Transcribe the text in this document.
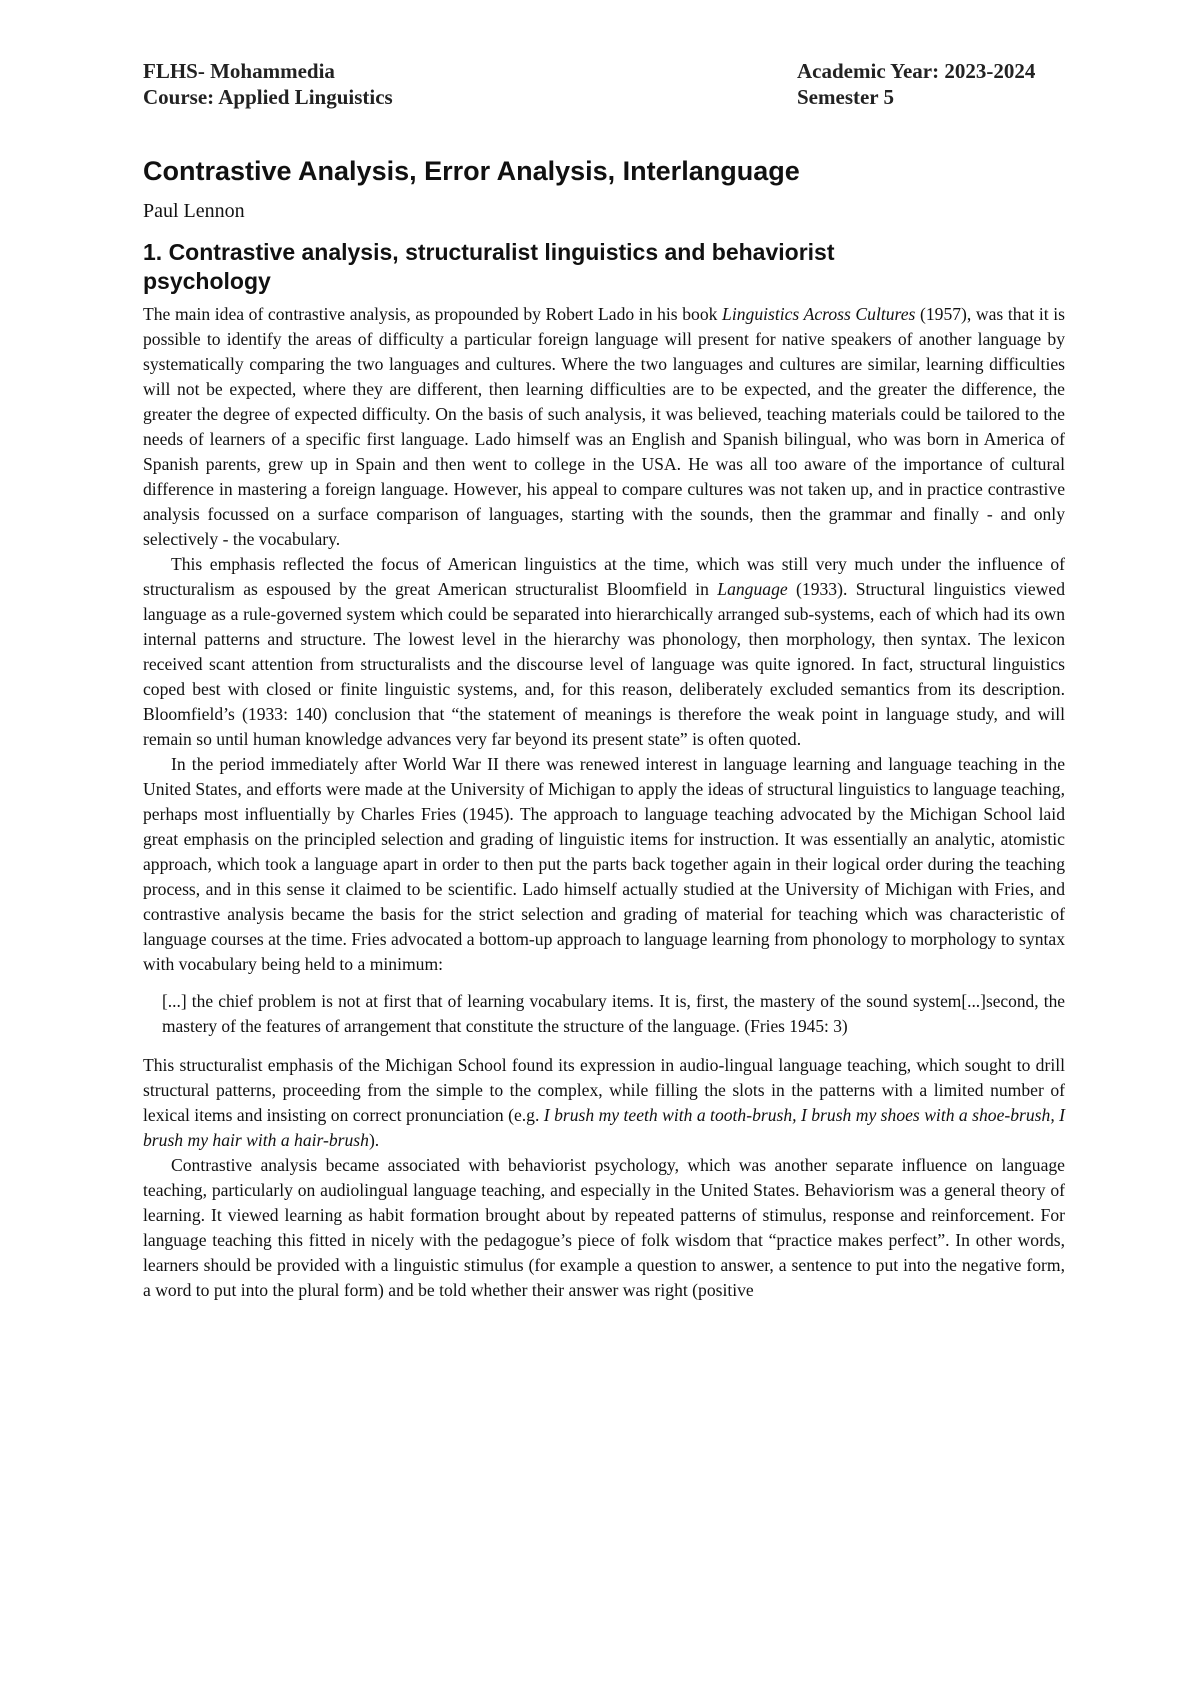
FLHS- Mohammedia
Course: Applied Linguistics
Academic Year: 2023-2024
Semester 5
Contrastive Analysis, Error Analysis, Interlanguage
Paul Lennon
1. Contrastive analysis, structuralist linguistics and behaviorist psychology

The main idea of contrastive analysis, as propounded by Robert Lado in his book Linguistics Across Cultures (1957), was that it is possible to identify the areas of difficulty a particular foreign language will present for native speakers of another language by systematically comparing the two languages and cultures. Where the two languages and cultures are similar, learning difficulties will not be expected, where they are different, then learning difficulties are to be expected, and the greater the difference, the greater the degree of expected difficulty. On the basis of such analysis, it was believed, teaching materials could be tailored to the needs of learners of a specific first language. Lado himself was an English and Spanish bilingual, who was born in America of Spanish parents, grew up in Spain and then went to college in the USA. He was all too aware of the importance of cultural difference in mastering a foreign language. However, his appeal to compare cultures was not taken up, and in practice contrastive analysis focussed on a surface comparison of languages, starting with the sounds, then the grammar and finally - and only selectively - the vocabulary.

This emphasis reflected the focus of American linguistics at the time, which was still very much under the influence of structuralism as espoused by the great American structuralist Bloomfield in Language (1933). Structural linguistics viewed language as a rule-governed system which could be separated into hierarchically arranged sub-systems, each of which had its own internal patterns and structure. The lowest level in the hierarchy was phonology, then morphology, then syntax. The lexicon received scant attention from structuralists and the discourse level of language was quite ignored. In fact, structural linguistics coped best with closed or finite linguistic systems, and, for this reason, deliberately excluded semantics from its description. Bloomfield’s (1933: 140) conclusion that “the statement of meanings is therefore the weak point in language study, and will remain so until human knowledge advances very far beyond its present state” is often quoted.

In the period immediately after World War II there was renewed interest in language learning and language teaching in the United States, and efforts were made at the University of Michigan to apply the ideas of structural linguistics to language teaching, perhaps most influentially by Charles Fries (1945). The approach to language teaching advocated by the Michigan School laid great emphasis on the principled selection and grading of linguistic items for instruction. It was essentially an analytic, atomistic approach, which took a language apart in order to then put the parts back together again in their logical order during the teaching process, and in this sense it claimed to be scientific. Lado himself actually studied at the University of Michigan with Fries, and contrastive analysis became the basis for the strict selection and grading of material for teaching which was characteristic of language courses at the time. Fries advocated a bottom-up approach to language learning from phonology to morphology to syntax with vocabulary being held to a minimum:

[...] the chief problem is not at first that of learning vocabulary items. It is, first, the mastery of the sound system[...]second, the mastery of the features of arrangement that constitute the structure of the language. (Fries 1945: 3)

This structuralist emphasis of the Michigan School found its expression in audio-lingual language teaching, which sought to drill structural patterns, proceeding from the simple to the complex, while filling the slots in the patterns with a limited number of lexical items and insisting on correct pronunciation (e.g. I brush my teeth with a tooth-brush, I brush my shoes with a shoe-brush, I brush my hair with a hair-brush).

Contrastive analysis became associated with behaviorist psychology, which was another separate influence on language teaching, particularly on audiolingual language teaching, and especially in the United States. Behaviorism was a general theory of learning. It viewed learning as habit formation brought about by repeated patterns of stimulus, response and reinforcement. For language teaching this fitted in nicely with the pedagogue’s piece of folk wisdom that “practice makes perfect”. In other words, learners should be provided with a linguistic stimulus (for example a question to answer, a sentence to put into the negative form, a word to put into the plural form) and be told whether their answer was right (positive
